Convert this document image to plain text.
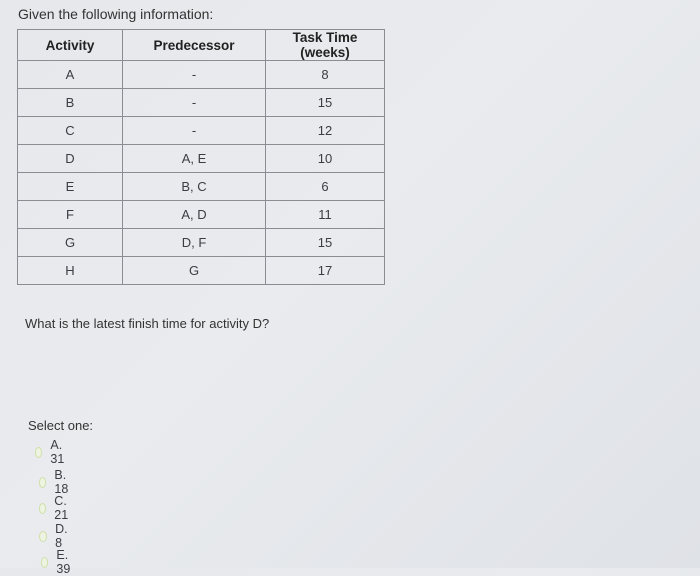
Given the following information:
Activity	Predecessor	Task Time (weeks)
A	-	8
B	-	15
C	-	12
D	A, E	10
E	B, C	6
F	A, D	11
G	D, F	15
H	G	17
What is the latest finish time for activity D?
Select one:
A. 31
B. 18
C. 21
D. 8
E. 39
